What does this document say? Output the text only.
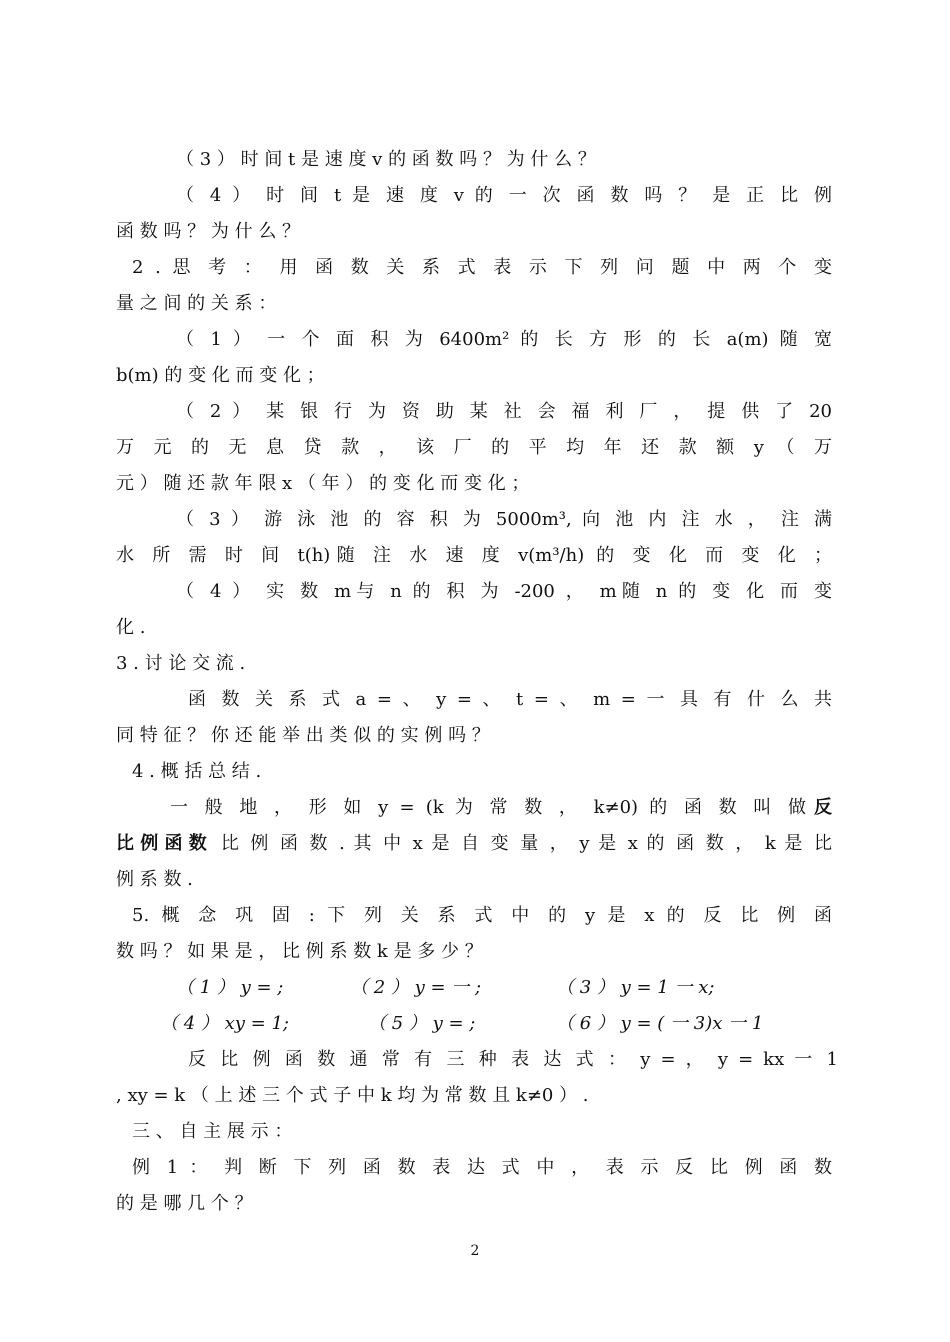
（ 3 ） 时 间 t 是 速 度 v 的 函 数 吗 ？ 为 什 么 ？
（ 4 ） 时 间 t 是 速 度 v 的 一 次 函 数 吗 ？ 是 正 比 例
函 数 吗 ？ 为 什 么 ？
2 . 思 考 ： 用 函 数 关 系 式 表 示 下 列 问 题 中 两 个 变
量 之 间 的 关 系 ：
（ 1 ） 一 个 面 积 为 6400m² 的 长 方 形 的 长 a(m) 随 宽
b(m) 的 变 化 而 变 化 ；
（ 2 ） 某 银 行 为 资 助 某 社 会 福 利 厂 ， 提 供 了 20
万 元 的 无 息 贷 款 ， 该 厂 的 平 均 年 还 款 额 y （ 万
元 ） 随 还 款 年 限 x （ 年 ） 的 变 化 而 变 化 ；
（ 3 ） 游 泳 池 的 容 积 为 5000m³, 向 池 内 注 水 ， 注 满
水 所 需 时 间 t(h)随 注 水 速 度 v(m³/h) 的 变 化 而 变 化 ；
（ 4 ） 实 数 m与 n 的 积 为 -200 ， m随 n 的 变 化 而 变
化 .
3 . 讨 论 交 流 .
函 数 关 系 式 a = 、 y = 、 t = 、 m = 一 具 有 什 么 共
同 特 征 ？ 你 还 能 举 出 类 似 的 实 例 吗 ？
4 . 概 括 总 结 .
一 般 地 ， 形 如 y = (k 为 常 数 ， k≠0) 的 函 数 叫 做 反
比 例 函 数 比 例 函 数 . 其 中 x 是 自 变 量 ， y 是 x 的 函 数 ， k 是 比
例 系 数 .
5. 概 念 巩 固 : 下 列 关 系 式 中 的 y 是 x 的 反 比 例 函
数 吗 ？ 如 果 是 ， 比 例 系 数 k 是 多 少 ？
（ 1 ） y = ;	（ 2 ） y = 一 ;	（ 3 ） y = 1 一 x;
（ 4 ） xy = 1;	（ 5 ） y = ;	（ 6 ） y = ( 一 3)x 一 1
反 比 例 函 数 通 常 有 三 种 表 达 式 ： y = ， y = kx 一 1
, xy = k （ 上 述 三 个 式 子 中 k 均 为 常 数 且 k≠0 ） .
三 、 自 主 展 示 ：
例 1 ： 判 断 下 列 函 数 表 达 式 中 ， 表 示 反 比 例 函 数
的 是 哪 几 个 ？
2
